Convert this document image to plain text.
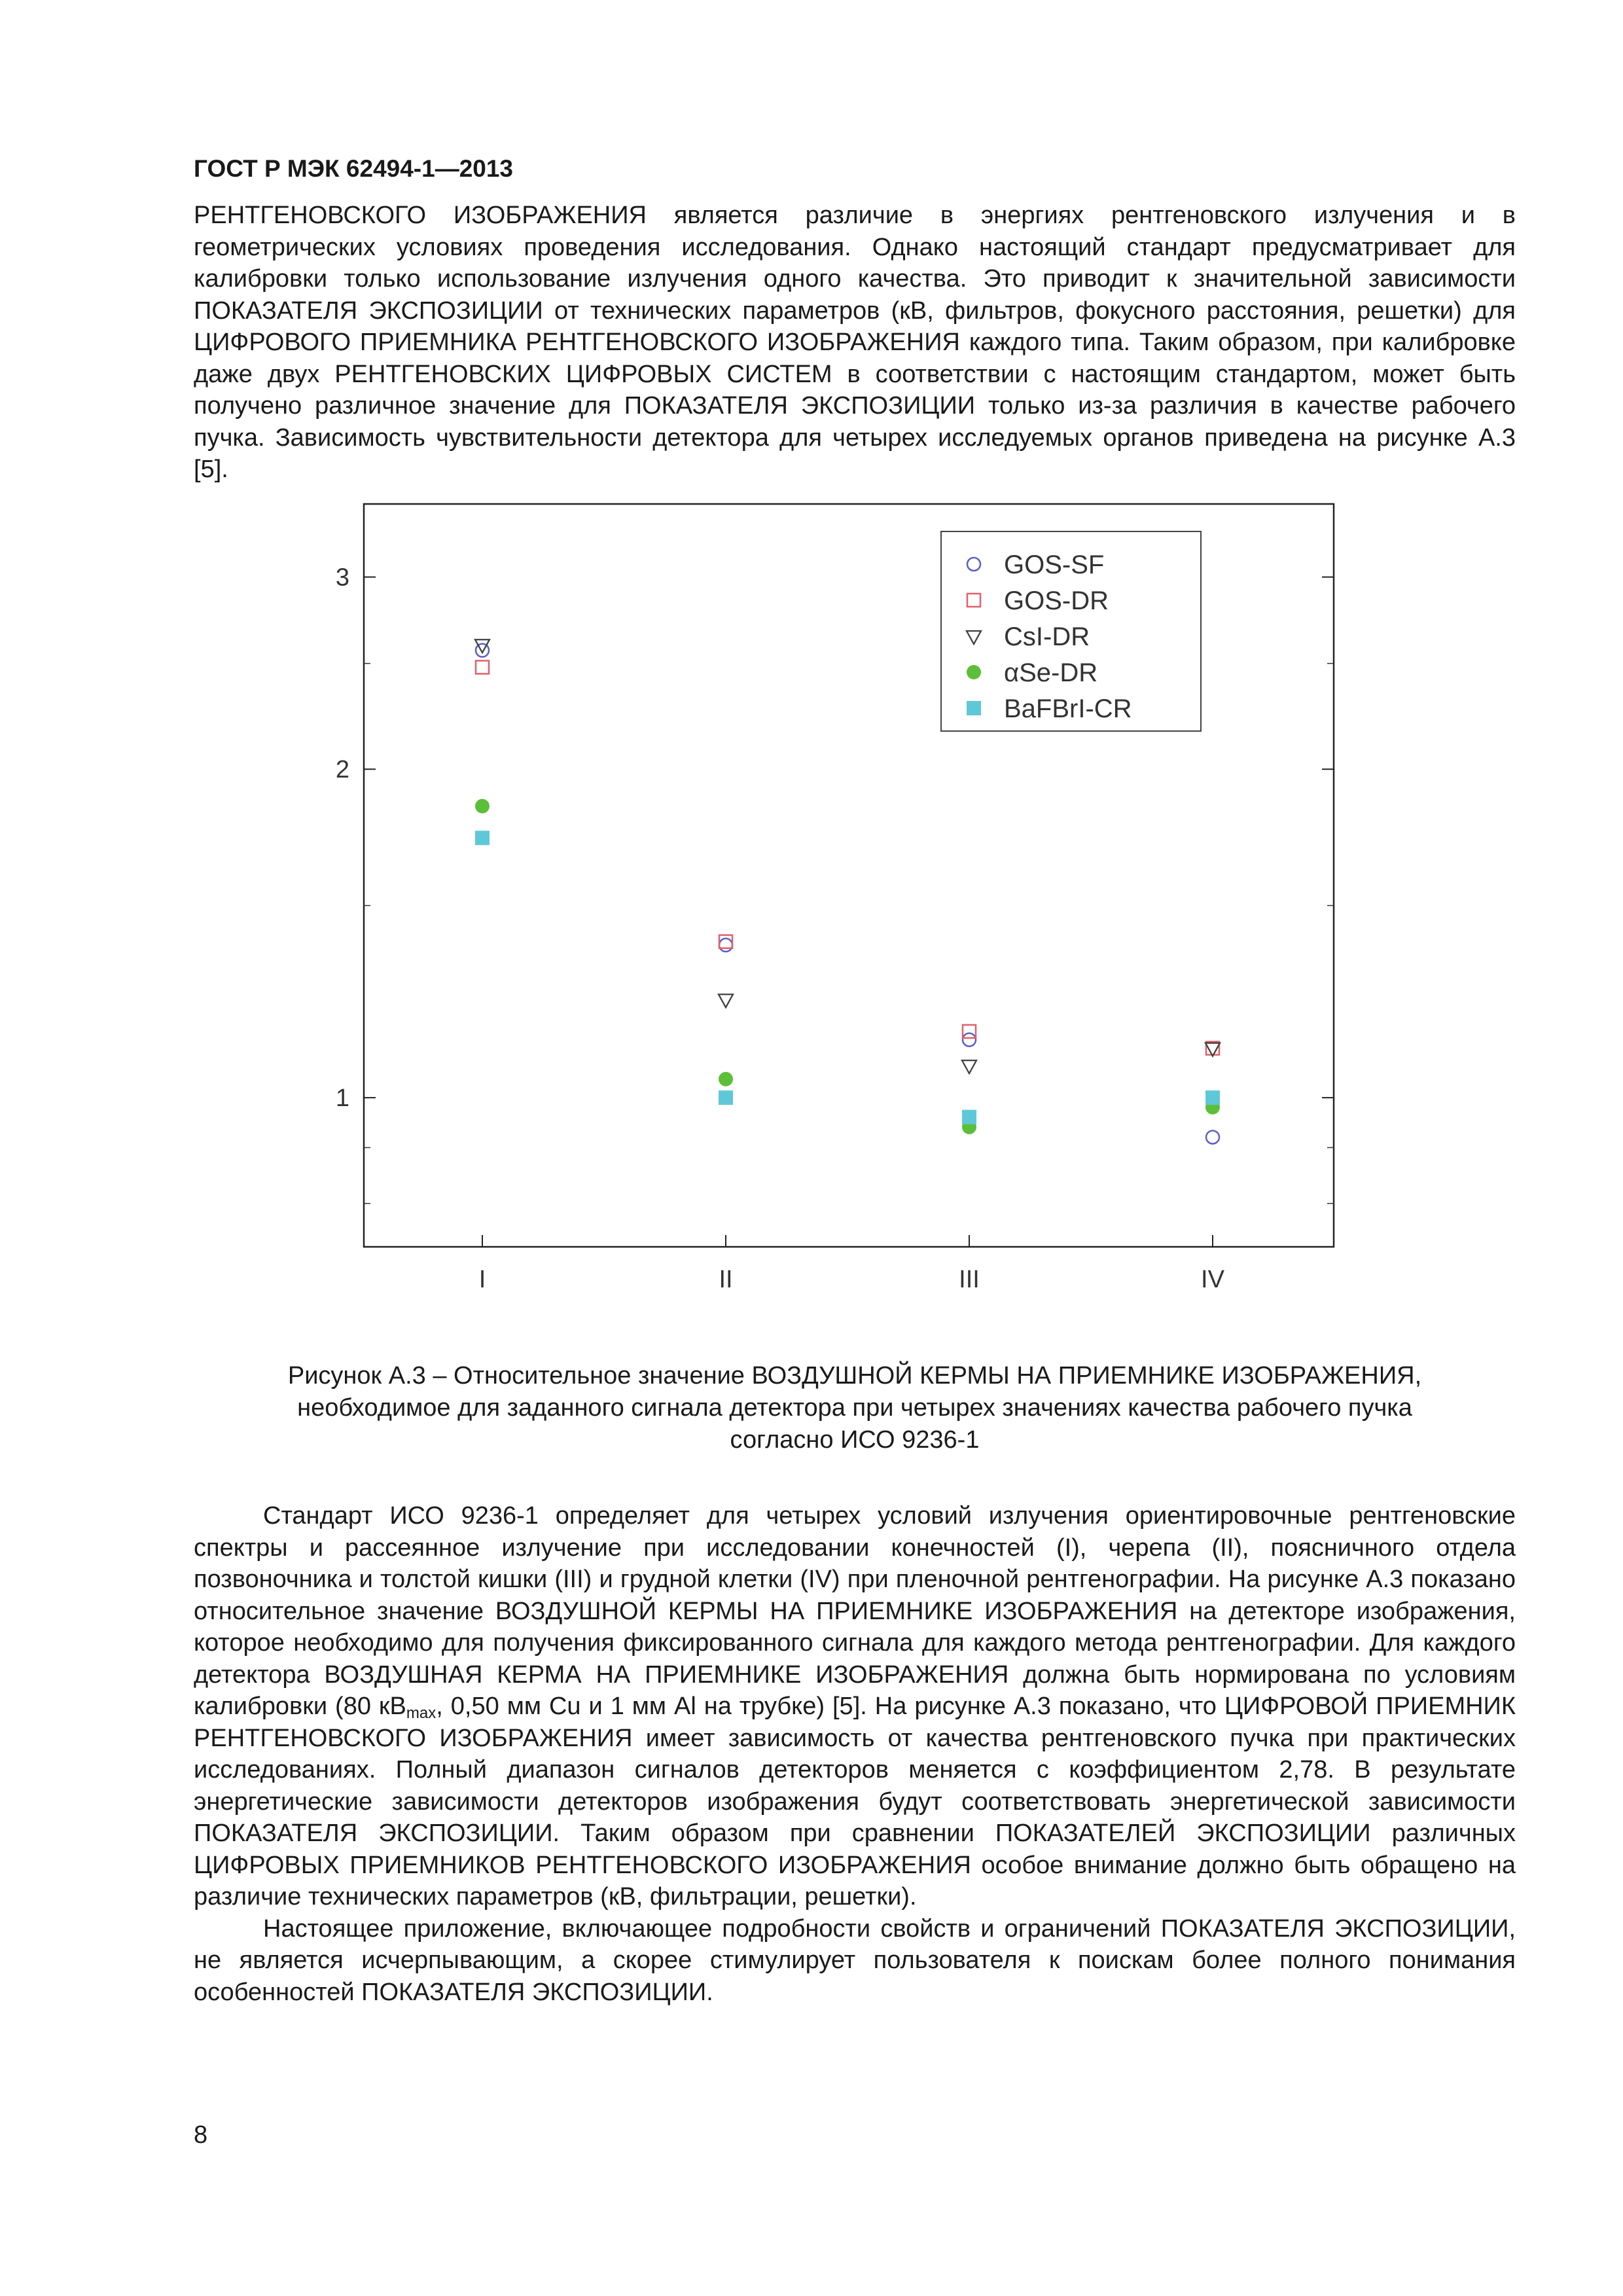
ГОСТ Р МЭК 62494-1—2013
РЕНТГЕНОВСКОГО ИЗОБРАЖЕНИЯ является различие в энергиях рентгеновского излучения и в геометрических условиях проведения исследования. Однако настоящий стандарт предусматривает для калибровки только использование излучения одного качества. Это приводит к значительной зависимости ПОКАЗАТЕЛЯ ЭКСПОЗИЦИИ от технических параметров (кВ, фильтров, фокусного расстояния, решетки) для ЦИФРОВОГО ПРИЕМНИКА РЕНТГЕНОВСКОГО ИЗОБРАЖЕНИЯ каждого типа. Таким образом, при калибровке даже двух РЕНТГЕНОВСКИХ ЦИФРОВЫХ СИСТЕМ в соответствии с настоящим стандартом, может быть получено различное значение для ПОКАЗАТЕЛЯ ЭКСПОЗИЦИИ только из-за различия в качестве рабочего пучка. Зависимость чувствительности детектора для четырех исследуемых органов приведена на рисунке А.3 [5].
1
2
3
I	II	III	IV
GOS-SF
GOS-DR
CsI-DR
αSe-DR
BaFBrI-CR
Рисунок А.3 – Относительное значение ВОЗДУШНОЙ КЕРМЫ НА ПРИЕМНИКЕ ИЗОБРАЖЕНИЯ,
необходимое для заданного сигнала детектора при четырех значениях качества рабочего пучка
согласно ИСО 9236-1

Стандарт ИСО 9236-1 определяет для четырех условий излучения ориентировочные рентгеновские спектры и рассеянное излучение при исследовании конечностей (I), черепа (II), поясничного отдела позвоночника и толстой кишки (III) и грудной клетки (IV) при пленочной рентгенографии. На рисунке А.3 показано относительное значение ВОЗДУШНОЙ КЕРМЫ НА ПРИЕМНИКЕ ИЗОБРАЖЕНИЯ на детекторе изображения, которое необходимо для получения фиксированного сигнала для каждого метода рентгенографии. Для каждого детектора ВОЗДУШНАЯ КЕРМА НА ПРИЕМНИКЕ ИЗОБРАЖЕНИЯ должна быть нормирована по условиям калибровки (80 $кВ_{max}$, 0,50 мм Cu и 1 мм Al на трубке) [5]. На рисунке А.3 показано, что ЦИФРОВОЙ ПРИЕМНИК РЕНТГЕНОВСКОГО ИЗОБРАЖЕНИЯ имеет зависимость от качества рентгеновского пучка при практических исследованиях. Полный диапазон сигналов детекторов меняется с коэффициентом 2,78. В результате энергетические зависимости детекторов изображения будут соответствовать энергетической зависимости ПОКАЗАТЕЛЯ ЭКСПОЗИЦИИ. Таким образом при сравнении ПОКАЗАТЕЛЕЙ ЭКСПОЗИЦИИ различных ЦИФРОВЫХ ПРИЕМНИКОВ РЕНТГЕНОВСКОГО ИЗОБРАЖЕНИЯ особое внимание должно быть обращено на различие технических параметров (кВ, фильтрации, решетки).

Настоящее приложение, включающее подробности свойств и ограничений ПОКАЗАТЕЛЯ ЭКСПОЗИЦИИ, не является исчерпывающим, а скорее стимулирует пользователя к поискам более полного понимания особенностей ПОКАЗАТЕЛЯ ЭКСПОЗИЦИИ.

8
